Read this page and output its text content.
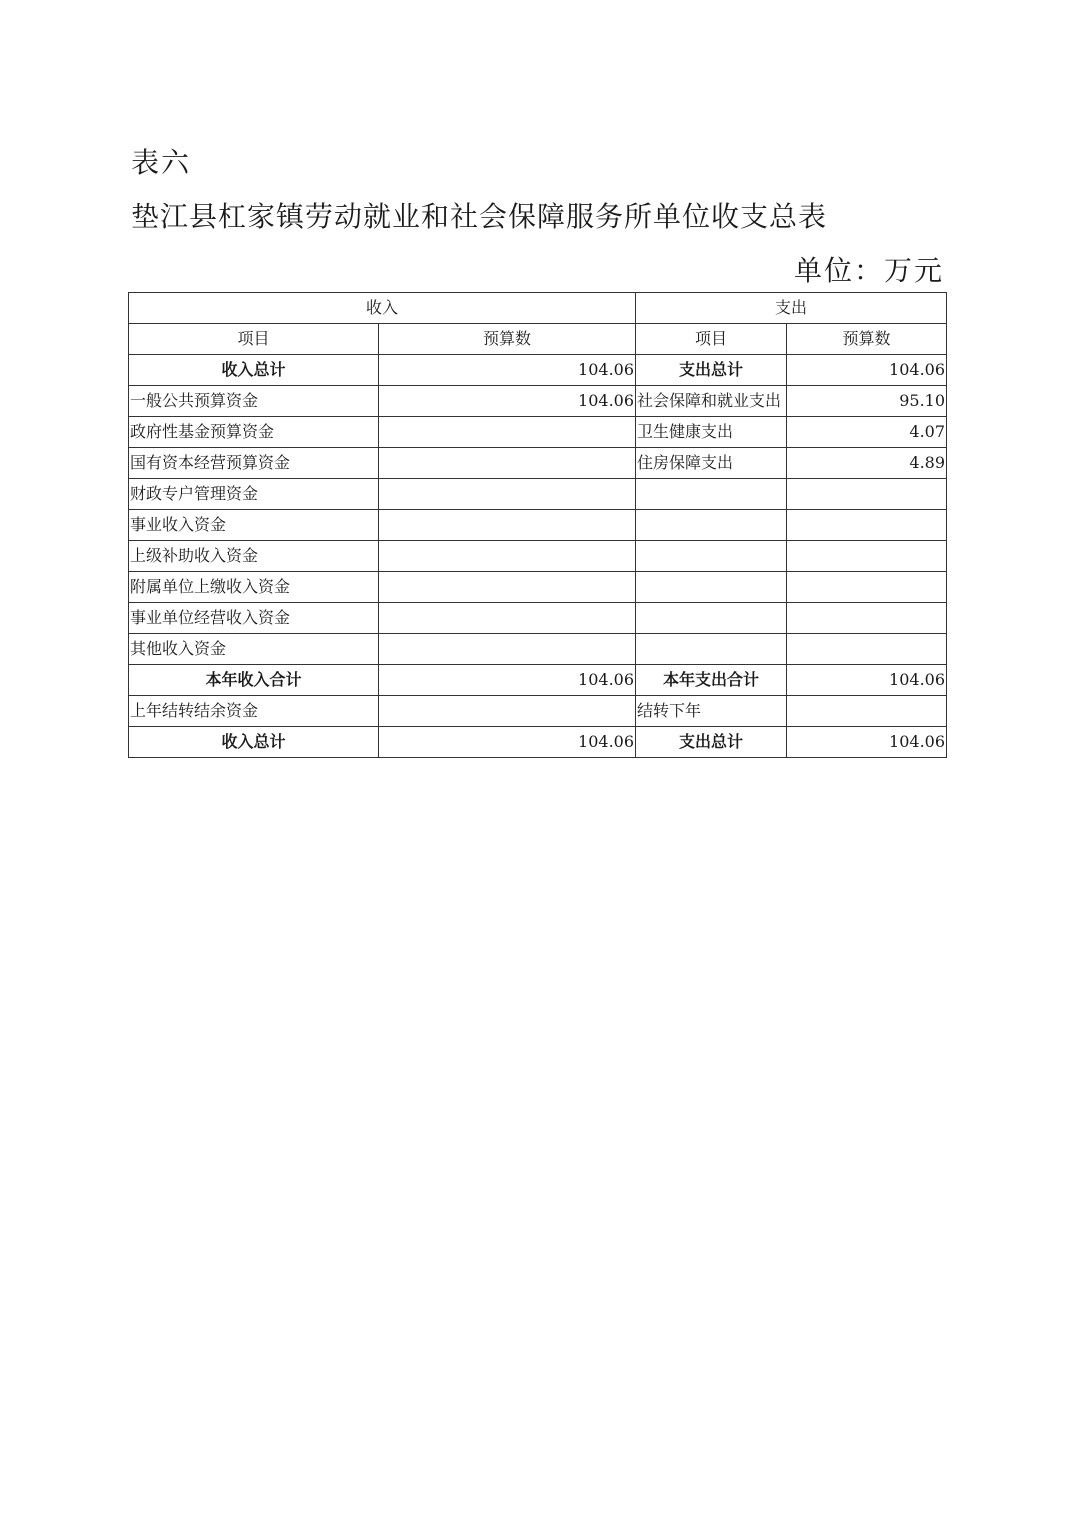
表六
垫江县杠家镇劳动就业和社会保障服务所单位收支总表
单位：万元
收入		支出	
项目	预算数	项目	预算数
收入总计	104.06	支出总计	104.06
一般公共预算资金	104.06	社会保障和就业支出	95.10
政府性基金预算资金		卫生健康支出	4.07
国有资本经营预算资金		住房保障支出	4.89
财政专户管理资金			
事业收入资金			
上级补助收入资金			
附属单位上缴收入资金			
事业单位经营收入资金			
其他收入资金			
本年收入合计	104.06	本年支出合计	104.06
上年结转结余资金		结转下年	
收入总计	104.06	支出总计	104.06
